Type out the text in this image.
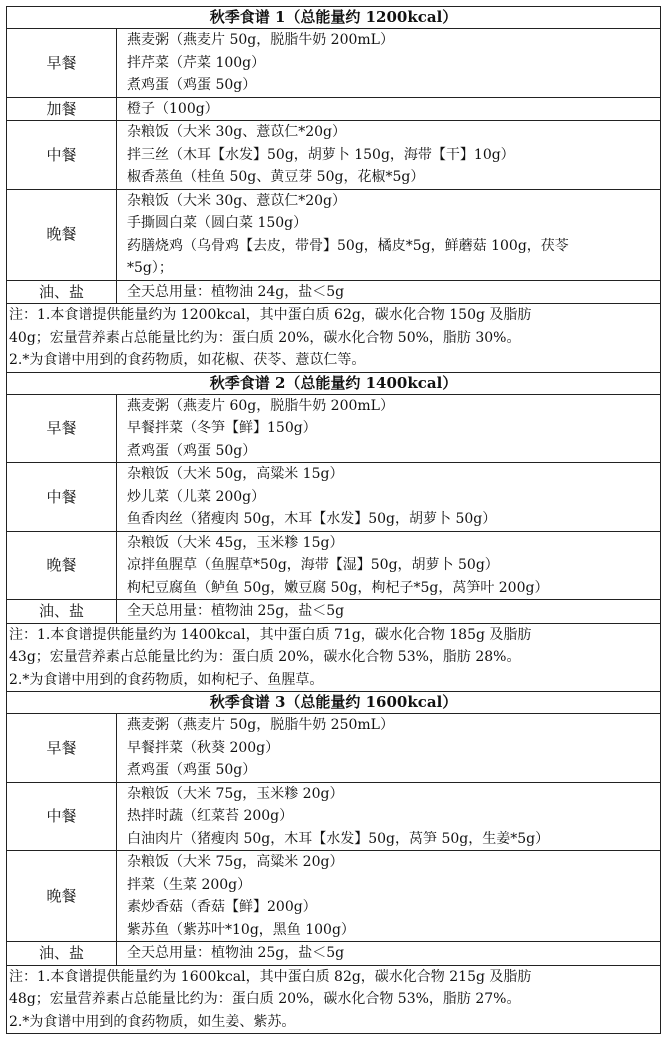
秋季食谱 1（总能量约 1200kcal）	
早餐	燕麦粥（燕麦片 50g，脱脂牛奶 200mL）
拌芹菜（芹菜 100g）
煮鸡蛋（鸡蛋 50g）

加餐	橙子（100g）

中餐	杂粮饭（大米 30g、薏苡仁*20g）
拌三丝（木耳【水发】50g，胡萝卜 150g，海带【干】10g）
椒香蒸鱼（桂鱼 50g、黄豆芽 50g，花椒*5g）

晚餐	杂粮饭（大米 30g、薏苡仁*20g）
手撕圆白菜（圆白菜 150g）
药膳烧鸡（乌骨鸡【去皮，带骨】50g，橘皮*5g，鲜蘑菇 100g，茯苓
*5g）；

油、盐	全天总用量：植物油 24g，盐＜5g

注：1.本食谱提供能量约为 1200kcal，其中蛋白质 62g，碳水化合物 150g 及脂肪
40g；宏量营养素占总能量比约为：蛋白质 20%，碳水化合物 50%，脂肪 30%。
2.*为食谱中用到的食药物质，如花椒、茯苓、薏苡仁等。	

秋季食谱 2（总能量约 1400kcal）	
早餐	燕麦粥（燕麦片 60g，脱脂牛奶 200mL）
早餐拌菜（冬笋【鲜】150g）
煮鸡蛋（鸡蛋 50g）

中餐	杂粮饭（大米 50g，高粱米 15g）
炒儿菜（儿菜 200g）
鱼香肉丝（猪瘦肉 50g，木耳【水发】50g，胡萝卜 50g）

晚餐	杂粮饭（大米 45g，玉米糁 15g）
凉拌鱼腥草（鱼腥草*50g，海带【湿】50g，胡萝卜 50g）
枸杞豆腐鱼（鲈鱼 50g，嫩豆腐 50g，枸杞子*5g，莴笋叶 200g）

油、盐	全天总用量：植物油 25g，盐＜5g

注：1.本食谱提供能量约为 1400kcal，其中蛋白质 71g，碳水化合物 185g 及脂肪
43g；宏量营养素占总能量比约为：蛋白质 20%，碳水化合物 53%，脂肪 28%。
2.*为食谱中用到的食药物质，如枸杞子、鱼腥草。	

秋季食谱 3（总能量约 1600kcal）	
早餐	燕麦粥（燕麦片 50g，脱脂牛奶 250mL）
早餐拌菜（秋葵 200g）
煮鸡蛋（鸡蛋 50g）

中餐	杂粮饭（大米 75g，玉米糁 20g）
热拌时蔬（红菜苔 200g）
白油肉片（猪瘦肉 50g，木耳【水发】50g，莴笋 50g，生姜*5g）

晚餐	杂粮饭（大米 75g，高粱米 20g）
拌菜（生菜 200g）
素炒香菇（香菇【鲜】200g）
紫苏鱼（紫苏叶*10g，黑鱼 100g）

油、盐	全天总用量：植物油 25g，盐＜5g

注：1.本食谱提供能量约为 1600kcal，其中蛋白质 82g，碳水化合物 215g 及脂肪
48g；宏量营养素占总能量比约为：蛋白质 20%，碳水化合物 53%，脂肪 27%。
2.*为食谱中用到的食药物质，如生姜、紫苏。	
